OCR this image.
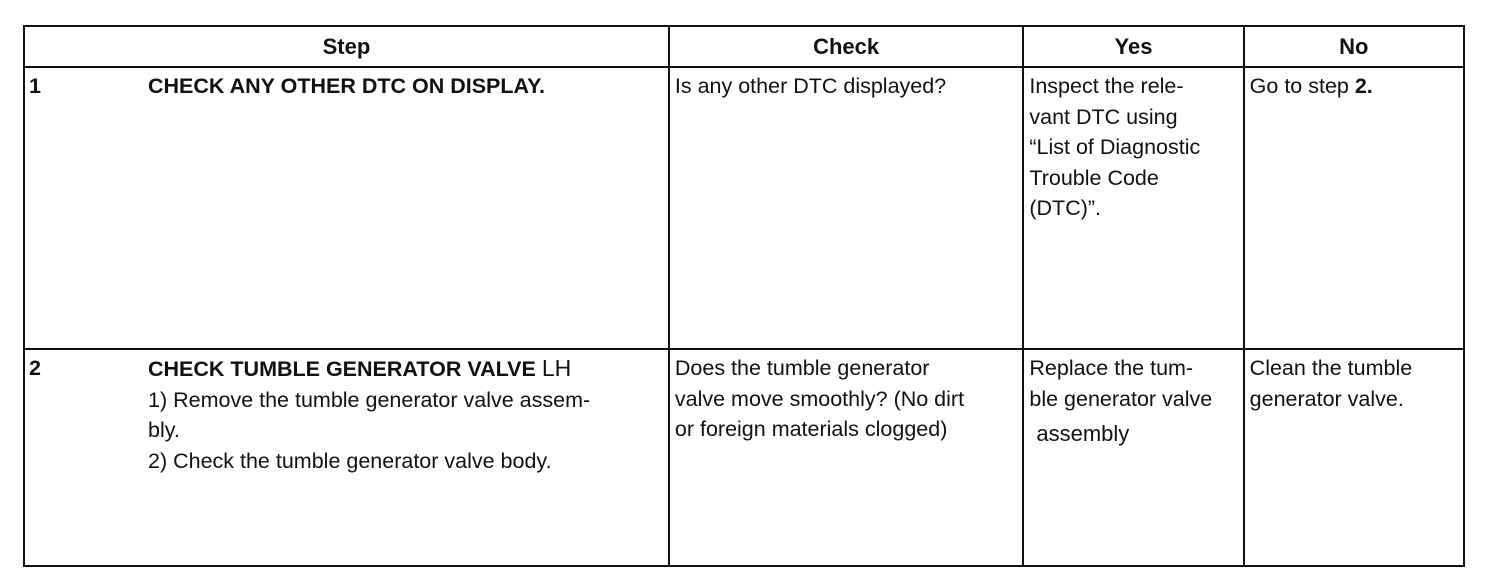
Step	Check	Yes	No

1 CHECK ANY OTHER DTC ON DISPLAY.	Is any other DTC displayed?	Inspect the rele-
vant DTC using
“List of Diagnostic
Trouble Code
(DTC)”.	Go to step 2.

2 CHECK TUMBLE GENERATOR VALVE LH
1) Remove the tumble generator valve assem-
bly.
2) Check the tumble generator valve body.	Does the tumble generator
valve move smoothly? (No dirt
or foreign materials clogged)	Replace the tum-
ble generator valve
assembly	Clean the tumble
generator valve.
